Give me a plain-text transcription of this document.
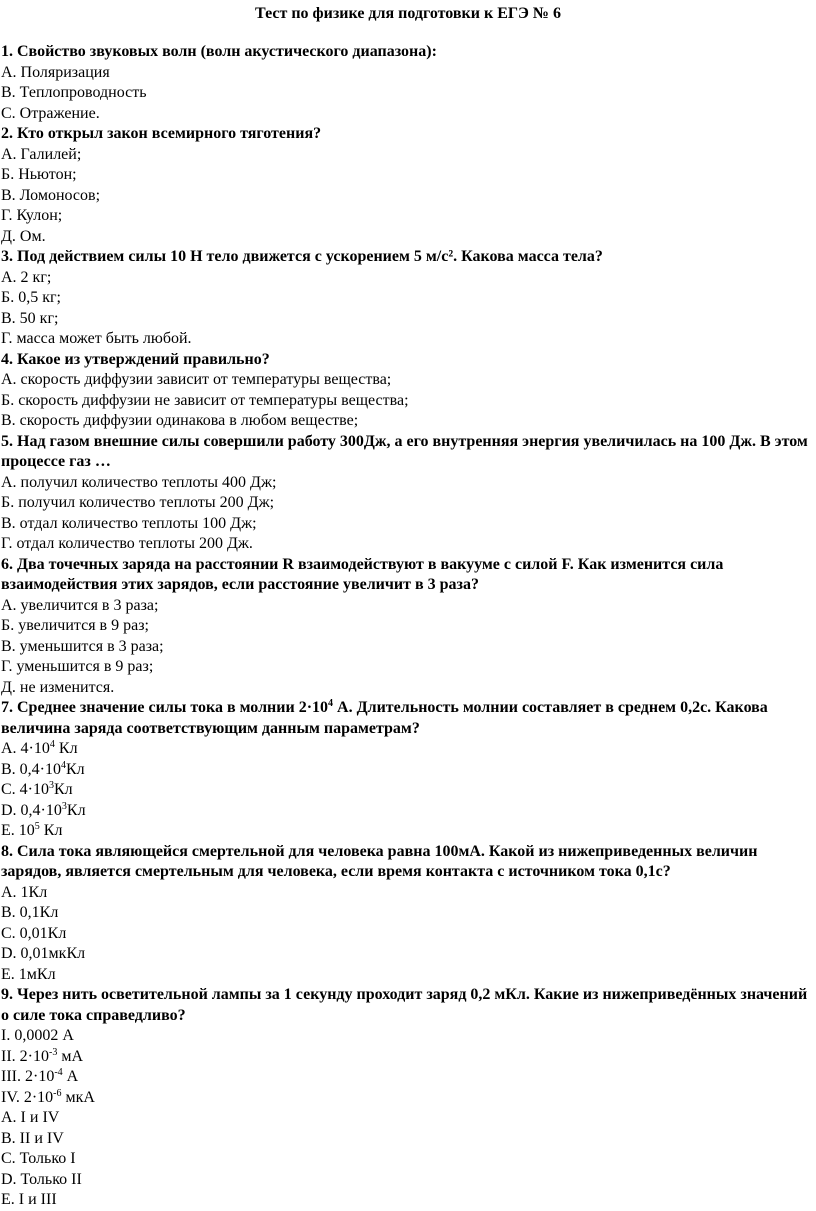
Тест по физике для подготовки к ЕГЭ № 6

1. Свойство звуковых волн (волн акустического диапазона):

А. Поляризация

В. Теплопроводность

С. Отражение.

2. Кто открыл закон всемирного тяготения?

А. Галилей;

Б. Ньютон;

В. Ломоносов;

Г. Кулон;

Д. Ом.

3. Под действием силы 10 Н тело движется с ускорением 5 м/с². Какова масса тела?

А. 2 кг;

Б. 0,5 кг;

В. 50 кг;

Г. масса может быть любой.

4. Какое из утверждений правильно?

А. скорость диффузии зависит от температуры вещества;

Б. скорость диффузии не зависит от температуры вещества;

В. скорость диффузии одинакова в любом веществе;

5. Над газом внешние силы совершили работу 300Дж, а его внутренняя энергия увеличилась на 100 Дж. В этом процессе газ …

А. получил количество теплоты 400 Дж;

Б. получил количество теплоты 200 Дж;

В. отдал количество теплоты 100 Дж;

Г. отдал количество теплоты 200 Дж.

6. Два точечных заряда на расстоянии R взаимодействуют в вакууме с силой F. Как изменится сила взаимодействия этих зарядов, если расстояние увеличит в 3 раза?

А. увеличится в 3 раза;

Б. увеличится в 9 раз;

В. уменьшится в 3 раза;

Г. уменьшится в 9 раз;

Д. не изменится.

7. Среднее значение силы тока в молнии $2\cdot 10^4$ А. Длительность молнии составляет в среднем 0,2с. Какова величина заряда соответствующим данным параметрам?

A. $4\cdot 10^4$ Кл

B. $0,4\cdot 10^4Кл$

C. $4\cdot 10^3Кл$

D. $0,4\cdot 10^3Кл$

E. $10^5$ Кл

8. Сила тока являющейся смертельной для человека равна 100мА. Какой из нижеприведенных величин зарядов, является смертельным для человека, если время контакта с источником тока 0,1с?

A. 1Кл

B. 0,1Кл

C. 0,01Кл

D. 0,01мкКл

E. 1мКл

9. Через нить осветительной лампы за 1 секунду проходит заряд 0,2 мКл. Какие из нижеприведённых значений о силе тока справедливо?

I. 0,0002 А

II. $2\cdot 10^{-3}$ мА

III. $2\cdot 10^{-4}$ А

IV. $2\cdot 10^{-6}$ мкА

A. I и IV

B. II и IV

C. Только I

D. Только II

E. I и III
